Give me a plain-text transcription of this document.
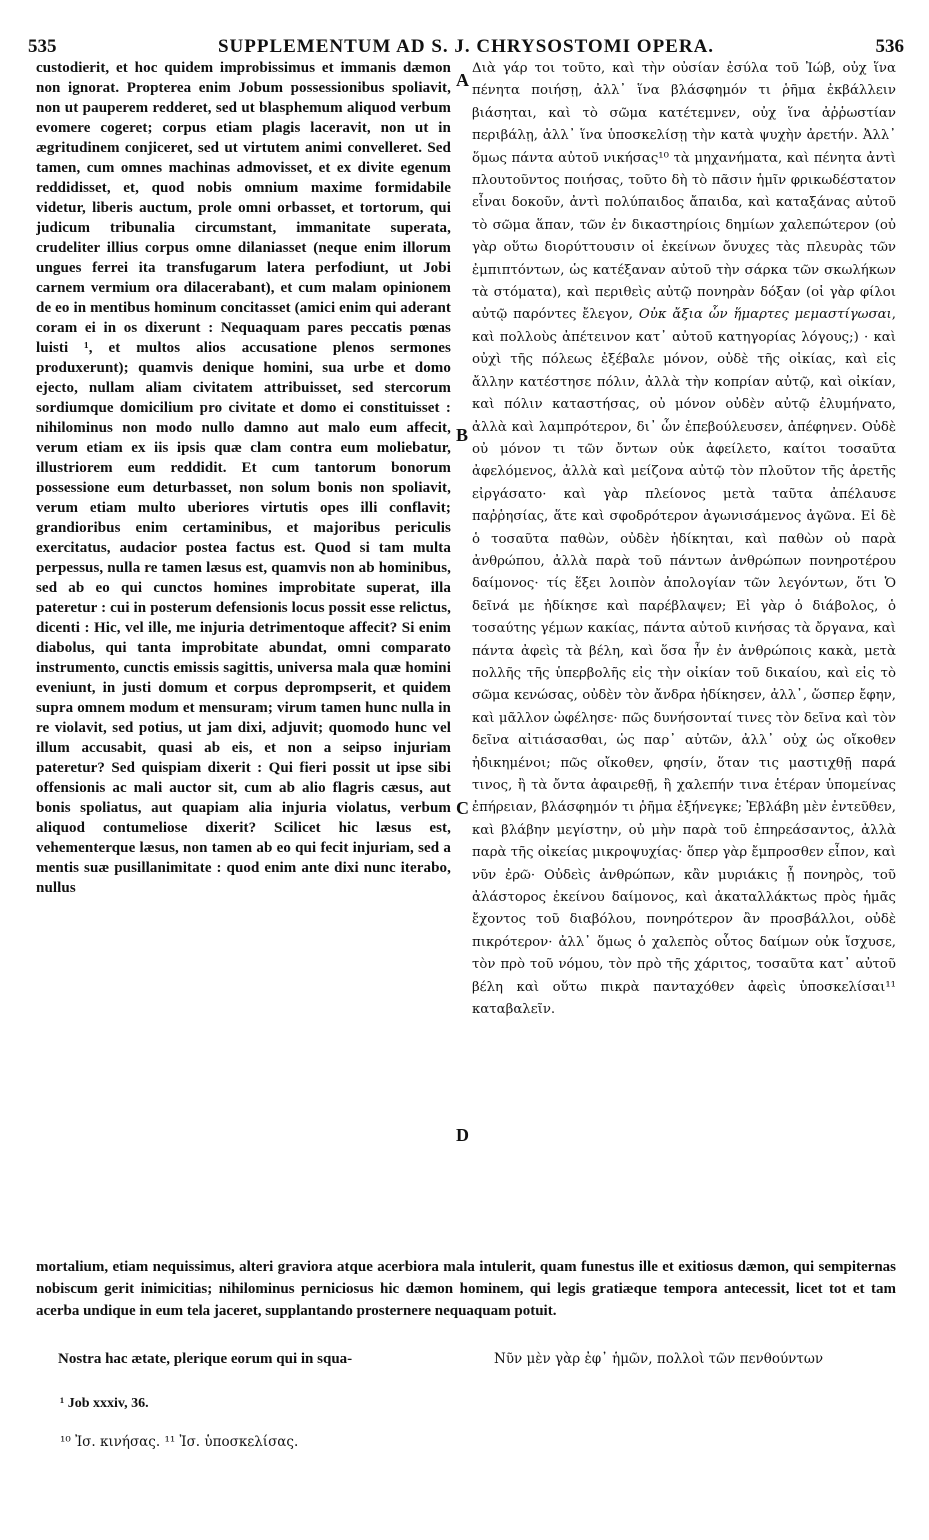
535	SUPPLEMENTUM AD S. J. CHRYSOSTOMI OPERA.	536

custodierit, et hoc quidem improbissimus et immanis dæmon non ignorat. Propterea enim Jobum possessionibus spoliavit, non ut pauperem redderet, sed ut blasphemum aliquod verbum evomere cogeret; corpus etiam plagis laceravit, non ut in ægritudinem conjiceret, sed ut virtutem animi convelleret. Sed tamen, cum omnes machinas admovisset, et ex divite egenum reddidisset, et, quod nobis omnium maxime formidabile videtur, liberis auctum, prole omni orbasset, et tortorum, qui judicum tribunalia circumstant, immanitate superata, crudeliter illius corpus omne dilaniasset (neque enim illorum ungues ferrei ita transfugarum latera perfodiunt, ut Jobi carnem vermium ora dilacerabant), et cum malam opinionem de eo in mentibus hominum concitasset (amici enim qui aderant coram ei in os dixerunt : Nequaquam pares peccatis pœnas luisti ¹, et multos alios accusatione plenos sermones produxerunt); quamvis denique homini, sua urbe et domo ejecto, nullam aliam civitatem attribuisset, sed stercorum sordiumque domicilium pro civitate et domo ei constituisset : nihilominus non modo nullo damno aut malo eum affecit, verum etiam ex iis ipsis quæ clam contra eum moliebatur, illustriorem eum reddidit. Et cum tantorum bonorum possessione eum deturbasset, non solum bonis non spoliavit, verum etiam multo uberiores virtutis opes illi conflavit; grandioribus enim certaminibus, et majoribus periculis exercitatus, audacior postea factus est. Quod si tam multa perpessus, nulla re tamen læsus est, quamvis non ab hominibus, sed ab eo qui cunctos homines improbitate superat, illa pateretur : cui in posterum defensionis locus possit esse relictus, dicenti : Hic, vel ille, me injuria detrimentoque affecit? Si enim diabolus, qui tanta improbitate abundat, omni comparato instrumento, cunctis emissis sagittis, universa mala quæ homini eveniunt, in justi domum et corpus deprompserit, et quidem supra omnem modum et mensuram; virum tamen hunc nulla in re violavit, sed potius, ut jam dixi, adjuvit; quomodo hunc vel illum accusabit, quasi ab eis, et non a seipso injuriam pateretur? Sed quispiam dixerit : Qui fieri possit ut ipse sibi offensionis ac mali auctor sit, cum ab alio flagris cæsus, aut bonis spoliatus, aut quapiam alia injuria violatus, verbum aliquod contumeliose dixerit? Scilicet hic læsus est, vehementerque læsus, non tamen ab eo qui fecit injuriam, sed a mentis suæ pusillanimitate : quod enim ante dixi nunc iterabo, nullus

A
B
C
D

Διὰ γάρ τοι τοῦτο, καὶ τὴν οὐσίαν ἐσύλα τοῦ Ἰώβ, οὐχ ἵνα πένητα ποιήσῃ, ἀλλ᾽ ἵνα βλάσφημόν τι ῥῆμα ἐκβάλλειν βιάσηται, καὶ τὸ σῶμα κατέτεμνεν, οὐχ ἵνα ἀῤῥωστίαν περιβάλῃ, ἀλλ᾽ ἵνα ὑποσκελίσῃ τὴν κατὰ ψυχὴν ἀρετήν. Ἀλλ᾽ ὅμως πάντα αὐτοῦ νικήσας¹⁰ τὰ μηχανήματα, καὶ πένητα ἀντὶ πλουτοῦντος ποιήσας, τοῦτο δὴ τὸ πᾶσιν ἡμῖν φρικωδέστατον εἶναι δοκοῦν, ἀντὶ πολύπαιδος ἄπαιδα, καὶ καταξάνας αὐτοῦ τὸ σῶμα ἅπαν, τῶν ἐν δικαστηρίοις δημίων χαλεπώτερον (οὐ γὰρ οὕτω διορύττουσιν οἱ ἐκείνων ὄνυχες τὰς πλευρὰς τῶν ἐμπιπτόντων, ὡς κατέξαναν αὐτοῦ τὴν σάρκα τῶν σκωλήκων τὰ στόματα), καὶ περιθεὶς αὐτῷ πονηρὰν δόξαν (οἱ γὰρ φίλοι αὐτῷ παρόντες ἔλεγον, Οὐκ ἄξια ὧν ἥμαρτες μεμαστίγωσαι, καὶ πολλοὺς ἀπέτεινον κατ᾽ αὐτοῦ κατηγορίας λόγους;) · καὶ οὐχὶ τῆς πόλεως ἐξέβαλε μόνον, οὐδὲ τῆς οἰκίας, καὶ εἰς ἄλλην κατέστησε πόλιν, ἀλλὰ τὴν κοπρίαν αὐτῷ, καὶ οἰκίαν, καὶ πόλιν καταστήσας, οὐ μόνον οὐδὲν αὐτῷ ἐλυμήνατο, ἀλλὰ καὶ λαμπρότερον, δι᾽ ὧν ἐπεβούλευσεν, ἀπέφηνεν. Οὐδὲ οὐ μόνον τι τῶν ὄντων οὐκ ἀφείλετο, καίτοι τοσαῦτα ἀφελόμενος, ἀλλὰ καὶ μείζονα αὐτῷ τὸν πλοῦτον τῆς ἀρετῆς εἰργάσατο· καὶ γὰρ πλείονος μετὰ ταῦτα ἀπέλαυσε παῤῥησίας, ἅτε καὶ σφοδρότερον ἀγωνισάμενος ἀγῶνα. Εἰ δὲ ὁ τοσαῦτα παθὼν, οὐδὲν ἠδίκηται, καὶ παθὼν οὐ παρὰ ἀνθρώπου, ἀλλὰ παρὰ τοῦ πάντων ἀνθρώπων πονηροτέρου δαίμονος· τίς ἕξει λοιπὸν ἀπολογίαν τῶν λεγόντων, ὅτι Ὁ δεῖνά με ἠδίκησε καὶ παρέβλαψεν; Εἰ γὰρ ὁ διάβολος, ὁ τοσαύτης γέμων κακίας, πάντα αὐτοῦ κινήσας τὰ ὄργανα, καὶ πάντα ἀφεὶς τὰ βέλη, καὶ ὅσα ἦν ἐν ἀνθρώποις κακὰ, μετὰ πολλῆς τῆς ὑπερβολῆς εἰς τὴν οἰκίαν τοῦ δικαίου, καὶ εἰς τὸ σῶμα κενώσας, οὐδὲν τὸν ἄνδρα ἠδίκησεν, ἀλλ᾽, ὥσπερ ἔφην, καὶ μᾶλλον ὠφέλησε· πῶς δυνήσονταί τινες τὸν δεῖνα καὶ τὸν δεῖνα αἰτιάσασθαι, ὡς παρ᾽ αὐτῶν, ἀλλ᾽ οὐχ ὡς οἴκοθεν ἠδικημένοι; πῶς οἴκοθεν, φησίν, ὅταν τις μαστιχθῇ παρά τινος, ἢ τὰ ὄντα ἀφαιρεθῇ, ἢ χαλεπήν τινα ἑτέραν ὑπομείνας ἐπήρειαν, βλάσφημόν τι ῥῆμα ἐξήνεγκε; Ἐβλάβη μὲν ἐντεῦθεν, καὶ βλάβην μεγίστην, οὐ μὴν παρὰ τοῦ ἐπηρεάσαντος, ἀλλὰ παρὰ τῆς οἰκείας μικροψυχίας· ὅπερ γὰρ ἔμπροσθεν εἶπον, καὶ νῦν ἐρῶ· Οὐδεὶς ἀνθρώπων, κἂν μυριάκις ᾖ πονηρὸς, τοῦ ἀλάστορος ἐκείνου δαίμονος, καὶ ἀκαταλλάκτως πρὸς ἡμᾶς ἔχοντος τοῦ διαβόλου, πονηρότερον ἂν προσβάλλοι, οὐδὲ πικρότερον· ἀλλ᾽ ὅμως ὁ χαλεπὸς οὗτος δαίμων οὐκ ἴσχυσε, τὸν πρὸ τοῦ νόμου, τὸν πρὸ τῆς χάριτος, τοσαῦτα κατ᾽ αὐτοῦ βέλη καὶ οὕτω πικρὰ πανταχόθεν ἀφεὶς ὑποσκελίσαι¹¹ καταβαλεῖν.

mortalium, etiam nequissimus, alteri graviora atque acerbiora mala intulerit, quam funestus ille et exitiosus dæmon, qui sempiternas nobiscum gerit inimicitias; nihilominus perniciosus hic dæmon hominem, qui legis gratiæque tempora antecessit, licet tot et tam acerba undique in eum tela jaceret, supplantando prosternere nequaquam potuit.

Nostra hac ætate, plerique eorum qui in squa-	Νῦν μὲν γὰρ ἐφ᾽ ἡμῶν, πολλοὶ τῶν πενθούντων
¹ Job xxxiv, 36.
¹⁰ Ἰσ. κινήσας. ¹¹ Ἰσ. ὑποσκελίσας.
